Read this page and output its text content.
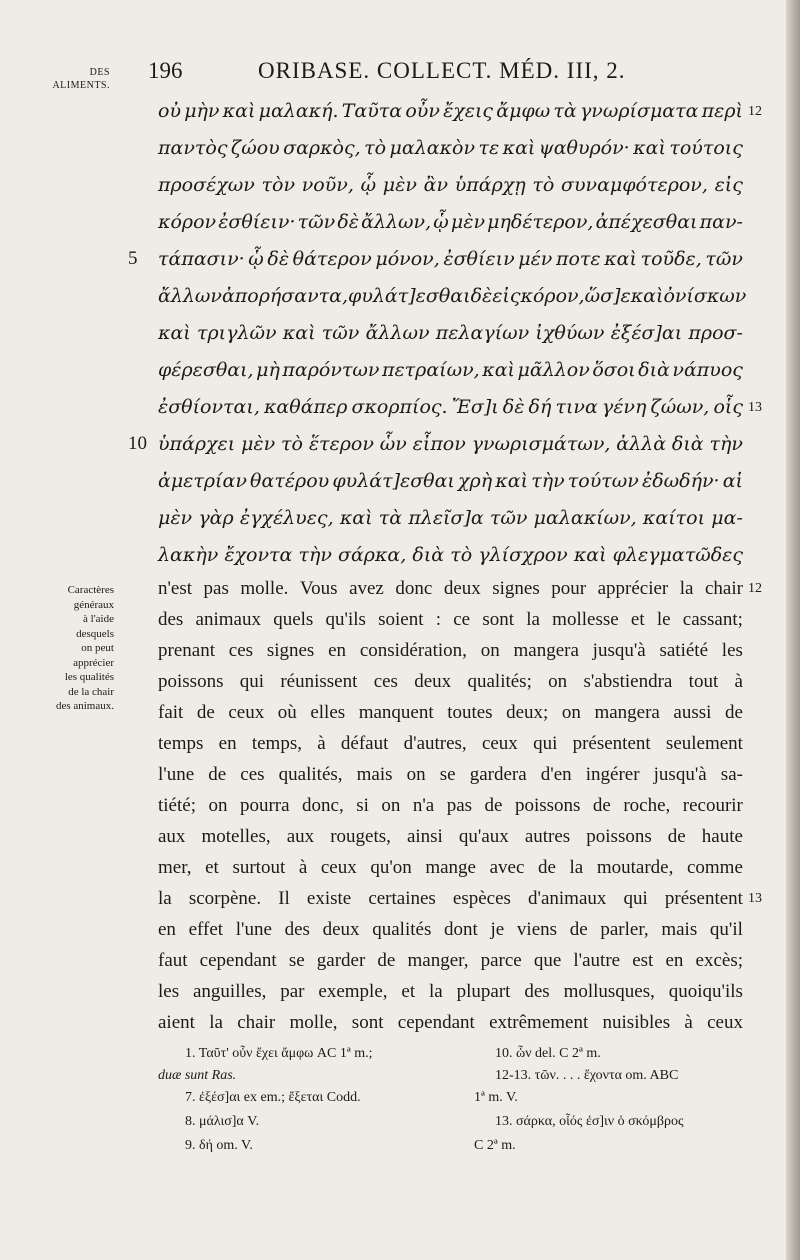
DES
ALIMENTS.
196	ORIBASE. COLLECT. MÉD. III, 2.
οὐ μὴν καὶ μαλακή. Ταῦτα οὖν ἔχεις ἄμφω τὰ γνωρίσματα περὶ
παντὸς ζώου σαρκὸς, τὸ μαλακὸν τε καὶ ψαθυρόν· καὶ τούτοις
προσέχων τὸν νοῦν, ᾧ μὲν ἂν ὑπάρχῃ τὸ συναμφότερον, εἰς
κόρον ἐσθίειν· τῶν δὲ ἄλλων, ᾧ μὲν μηδέτερον, ἀπέχεσθαι παν-
τάπασιν· ᾧ δὲ θάτερον μόνον, ἐσθίειν μέν ποτε καὶ τοῦδε, τῶν
ἄλλων ἀπορήσαντα, φυλάτ]εσθαι δὲ εἰς κόρον, ὥσ]ε καὶ ὀνίσκων
καὶ τριγλῶν καὶ τῶν ἄλλων πελαγίων ἰχθύων ἐξέσ]αι προσ-
φέρεσθαι, μὴ παρόντων πετραίων, καὶ μᾶλλον ὅσοι διὰ νάπυος
ἐσθίονται, καθάπερ σκορπίος. Ἔσ]ι δὲ δή τινα γένη ζώων, οἷς
ὑπάρχει μὲν τὸ ἕτερον ὧν εἶπον γνωρισμάτων, ἀλλὰ διὰ τὴν
ἀμετρίαν θατέρου φυλάτ]εσθαι χρὴ καὶ τὴν τούτων ἐδωδήν· αἱ
μὲν γὰρ ἐγχέλυες, καὶ τὰ πλεῖσ]α τῶν μαλακίων, καίτοι μα-
λακὴν ἔχοντα τὴν σάρκα, διὰ τὸ γλίσχρον καὶ φλεγματῶδες
5
10
12
13
Caractères
généraux
à l'aide
desquels
on peut
apprécier
les qualités
de la chair
des animaux.
n'est pas molle. Vous avez donc deux signes pour apprécier la chair
des animaux quels qu'ils soient : ce sont la mollesse et le cassant;
prenant ces signes en considération, on mangera jusqu'à satiété les
poissons qui réunissent ces deux qualités; on s'abstiendra tout à
fait de ceux où elles manquent toutes deux; on mangera aussi de
temps en temps, à défaut d'autres, ceux qui présentent seulement
l'une de ces qualités, mais on se gardera d'en ingérer jusqu'à sa-
tiété; on pourra donc, si on n'a pas de poissons de roche, recourir
aux motelles, aux rougets, ainsi qu'aux autres poissons de haute
mer, et surtout à ceux qu'on mange avec de la moutarde, comme
la scorpène. Il existe certaines espèces d'animaux qui présentent
en effet l'une des deux qualités dont je viens de parler, mais qu'il
faut cependant se garder de manger, parce que l'autre est en excès;
les anguilles, par exemple, et la plupart des mollusques, quoiqu'ils
aient la chair molle, sont cependant extrêmement nuisibles à ceux
12
13
1. Ταῦτ' οὖν ἔχει ἄμφω AC 1ª m.;
duæ sunt Ras.
7. ἐξέσ]αι ex em.; ἔξεται Codd.
8. μάλισ]α V.
9. δή om. V.
10. ὧν del. C 2ª m.
12-13. τῶν. . . . ἔχοντα om. ABC
1ª m. V.
13. σάρκα, οἷός ἐσ]ιν ὁ σκόμβρος
C 2ª m.
